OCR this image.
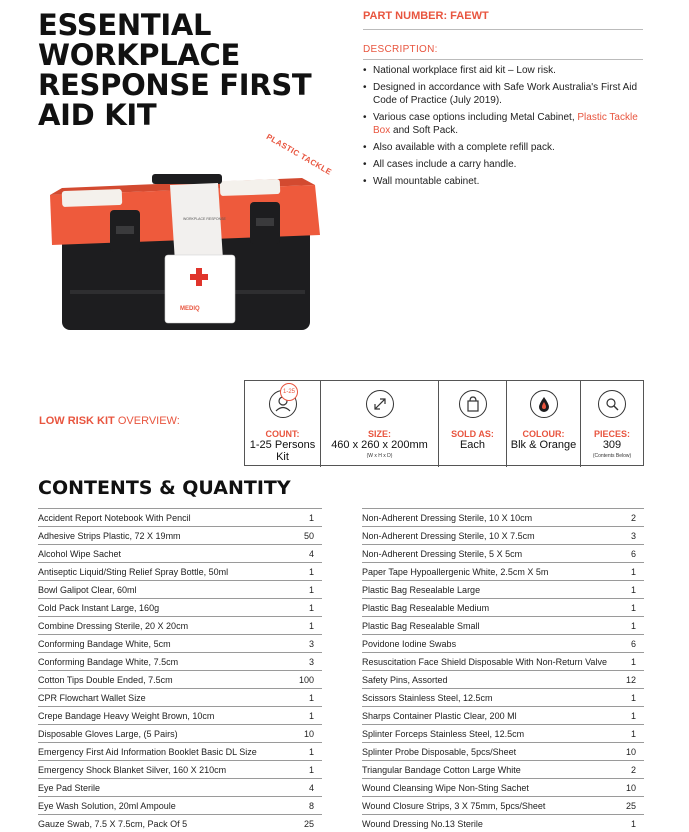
ESSENTIAL WORKPLACE RESPONSE FIRST AID KIT
PART NUMBER: FAEWT
DESCRIPTION:
• National workplace first aid kit – Low risk.
• Designed in accordance with Safe Work Australia's First Aid Code of Practice (July 2019).
• Various case options including Metal Cabinet, Plastic Tackle Box and Soft Pack.
• Also available with a complete refill pack.
• All cases include a carry handle.
• Wall mountable cabinet.
PLASTIC TACKLE
MEDIQ
WORKPLACE RESPONSE
LOW RISK KIT OVERVIEW:
COUNT:
1-25 Persons Kit
SIZE:
460 x 260 x 200mm
(W x H x D)
SOLD AS:
Each
COLOUR:
Blk & Orange
PIECES:
309
(Contents Below)
1-25
CONTENTS & QUANTITY
Accident Report Notebook With Pencil	1
Adhesive Strips Plastic, 72 X 19mm	50
Alcohol Wipe Sachet	4
Antiseptic Liquid/Sting Relief Spray Bottle, 50ml	1
Bowl Galipot Clear, 60ml	1
Cold Pack Instant Large, 160g	1
Combine Dressing Sterile, 20 X 20cm	1
Conforming Bandage White, 5cm	3
Conforming Bandage White, 7.5cm	3
Cotton Tips Double Ended, 7.5cm	100
CPR Flowchart Wallet Size	1
Crepe Bandage Heavy Weight Brown, 10cm	1
Disposable Gloves Large, (5 Pairs)	10
Emergency First Aid Information Booklet Basic DL Size	1
Emergency Shock Blanket Silver, 160 X 210cm	1
Eye Pad Sterile	4
Eye Wash Solution, 20ml Ampoule	8
Gauze Swab, 7.5 X 7.5cm, Pack Of 5	25
Non-Adherent Dressing Sterile, 10 X 10cm	2
Non-Adherent Dressing Sterile, 10 X 7.5cm	3
Non-Adherent Dressing Sterile, 5 X 5cm	6
Paper Tape Hypoallergenic White, 2.5cm X 5m	1
Plastic Bag Resealable Large	1
Plastic Bag Resealable Medium	1
Plastic Bag Resealable Small	1
Povidone Iodine Swabs	6
Resuscitation Face Shield Disposable With Non-Return Valve	1
Safety Pins, Assorted	12
Scissors Stainless Steel, 12.5cm	1
Sharps Container Plastic Clear, 200 Ml	1
Splinter Forceps Stainless Steel, 12.5cm	1
Splinter Probe Disposable, 5pcs/Sheet	10
Triangular Bandage Cotton Large White	2
Wound Cleansing Wipe Non-Sting Sachet	10
Wound Closure Strips, 3 X 75mm, 5pcs/Sheet	25
Wound Dressing No.13 Sterile	1
